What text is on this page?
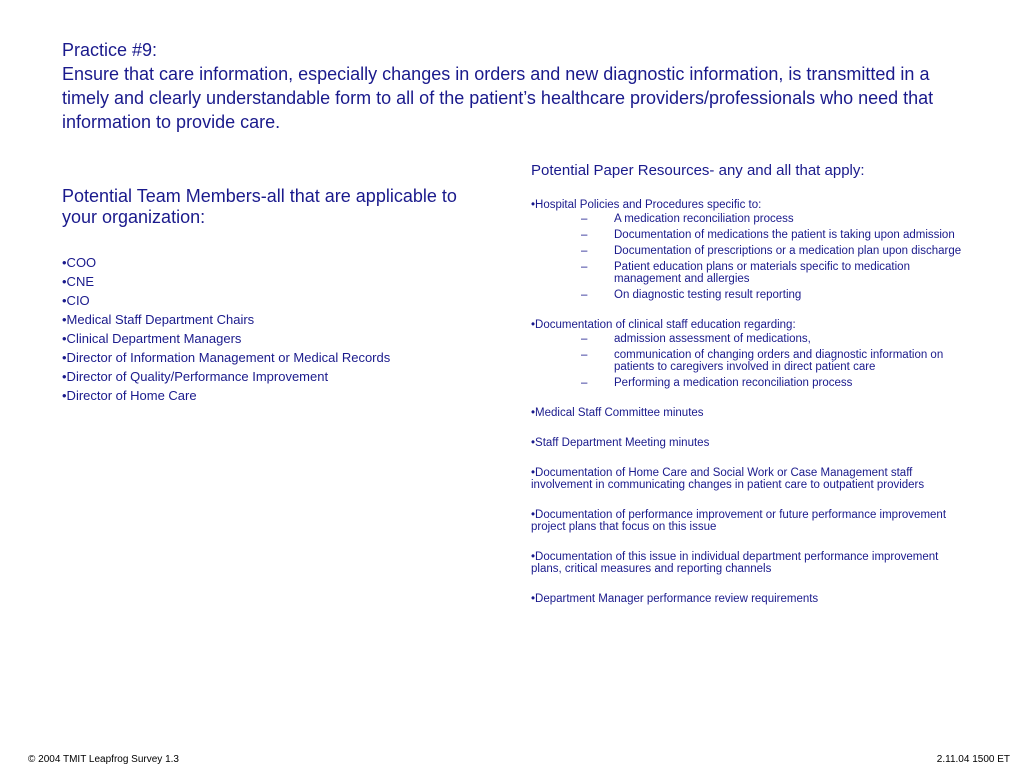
Practice #9:
Ensure that care information, especially changes in orders and new diagnostic information, is transmitted in a timely and clearly understandable form to all of the patient’s healthcare providers/professionals who need that information to provide care.
Potential Team Members-all that are applicable to your organization:
•COO
•CNE
•CIO
•Medical Staff Department Chairs
•Clinical Department Managers
•Director of Information Management or Medical Records
•Director of Quality/Performance Improvement
•Director of Home Care
Potential Paper Resources- any and all that apply:
•Hospital Policies and Procedures specific to:
– A medication reconciliation process
– Documentation of medications the patient is taking upon admission
– Documentation of prescriptions or a medication plan upon discharge
– Patient education plans or materials specific to medication management and allergies
– On diagnostic testing result reporting
•Documentation of clinical staff education regarding:
– admission assessment of medications,
– communication of changing orders and diagnostic information on patients to caregivers involved in direct patient care
– Performing a medication reconciliation process
•Medical Staff Committee minutes
•Staff Department Meeting minutes
•Documentation of Home Care and Social Work or Case Management staff involvement in communicating changes in patient care to outpatient providers
•Documentation of performance improvement or future performance improvement project plans that focus on this issue
•Documentation of this issue in individual department performance improvement plans, critical measures and reporting channels
•Department Manager performance review requirements
© 2004 TMIT Leapfrog Survey 1.3	2.11.04 1500 ET
